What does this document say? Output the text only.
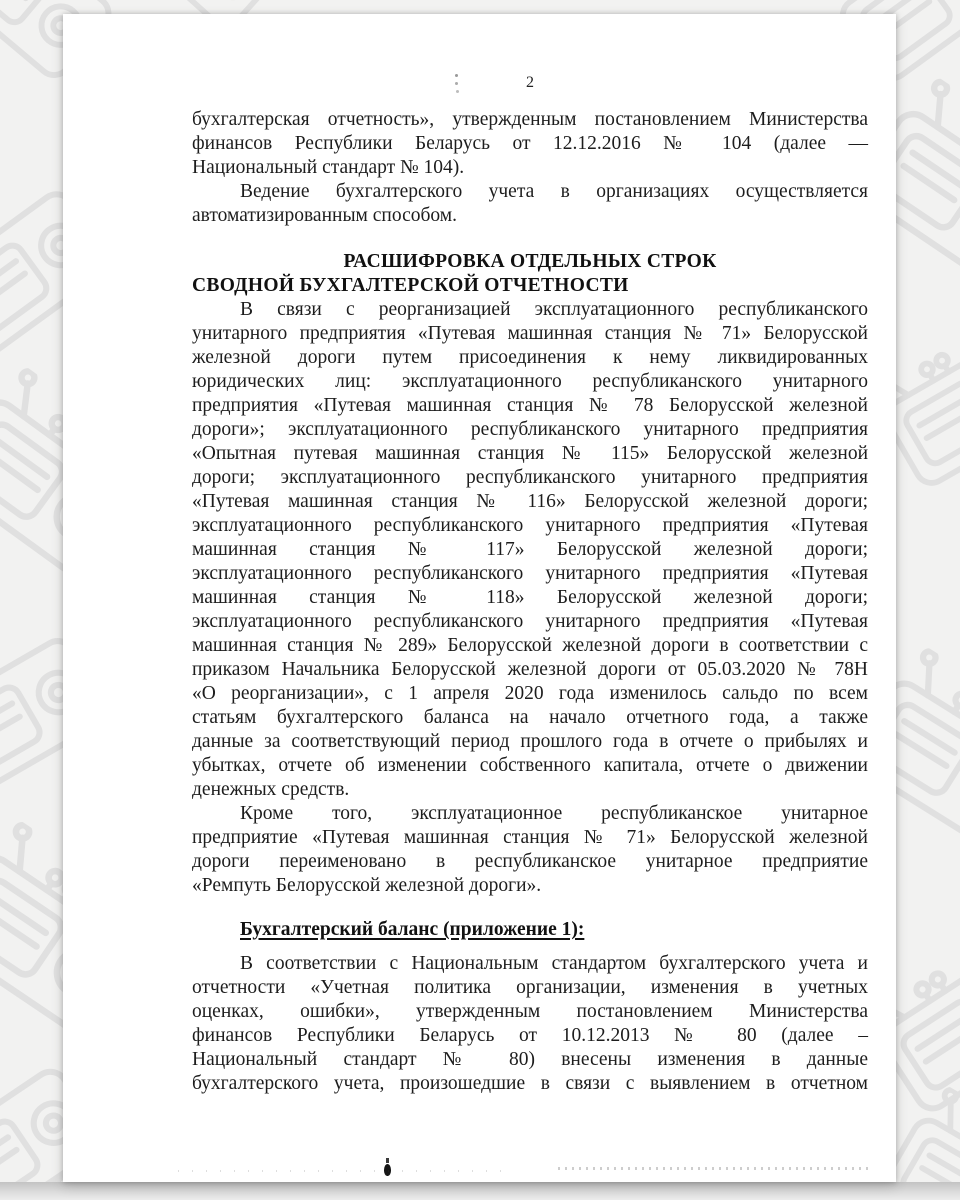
2
бухгалтерская отчетность», утвержденным постановлением Министерства
финансов Республики Беларусь от 12.12.2016 № 104 (далее —
Национальный стандарт № 104).
Ведение бухгалтерского учета в организациях осуществляется
автоматизированным способом.
РАСШИФРОВКА ОТДЕЛЬНЫХ СТРОК
СВОДНОЙ БУХГАЛТЕРСКОЙ ОТЧЕТНОСТИ
В связи с реорганизацией эксплуатационного республиканского
унитарного предприятия «Путевая машинная станция № 71» Белорусской
железной дороги путем присоединения к нему ликвидированных
юридических лиц: эксплуатационного республиканского унитарного
предприятия «Путевая машинная станция № 78 Белорусской железной
дороги»; эксплуатационного республиканского унитарного предприятия
«Опытная путевая машинная станция № 115» Белорусской железной
дороги; эксплуатационного республиканского унитарного предприятия
«Путевая машинная станция № 116» Белорусской железной дороги;
эксплуатационного республиканского унитарного предприятия «Путевая
машинная станция № 117» Белорусской железной дороги;
эксплуатационного республиканского унитарного предприятия «Путевая
машинная станция № 118» Белорусской железной дороги;
эксплуатационного республиканского унитарного предприятия «Путевая
машинная станция № 289» Белорусской железной дороги в соответствии с
приказом Начальника Белорусской железной дороги от 05.03.2020 № 78Н
«О реорганизации», с 1 апреля 2020 года изменилось сальдо по всем
статьям бухгалтерского баланса на начало отчетного года, а также
данные за соответствующий период прошлого года в отчете о прибылях и
убытках, отчете об изменении собственного капитала, отчете о движении
денежных средств.
Кроме того, эксплуатационное республиканское унитарное
предприятие «Путевая машинная станция № 71» Белорусской железной
дороги переименовано в республиканское унитарное предприятие
«Ремпуть Белорусской железной дороги».
Бухгалтерский баланс (приложение 1):
В соответствии с Национальным стандартом бухгалтерского учета и
отчетности «Учетная политика организации, изменения в учетных
оценках, ошибки», утвержденным постановлением Министерства
финансов Республики Беларусь от 10.12.2013 № 80 (далее –
Национальный стандарт № 80) внесены изменения в данные
бухгалтерского учета, произошедшие в связи с выявлением в отчетном
